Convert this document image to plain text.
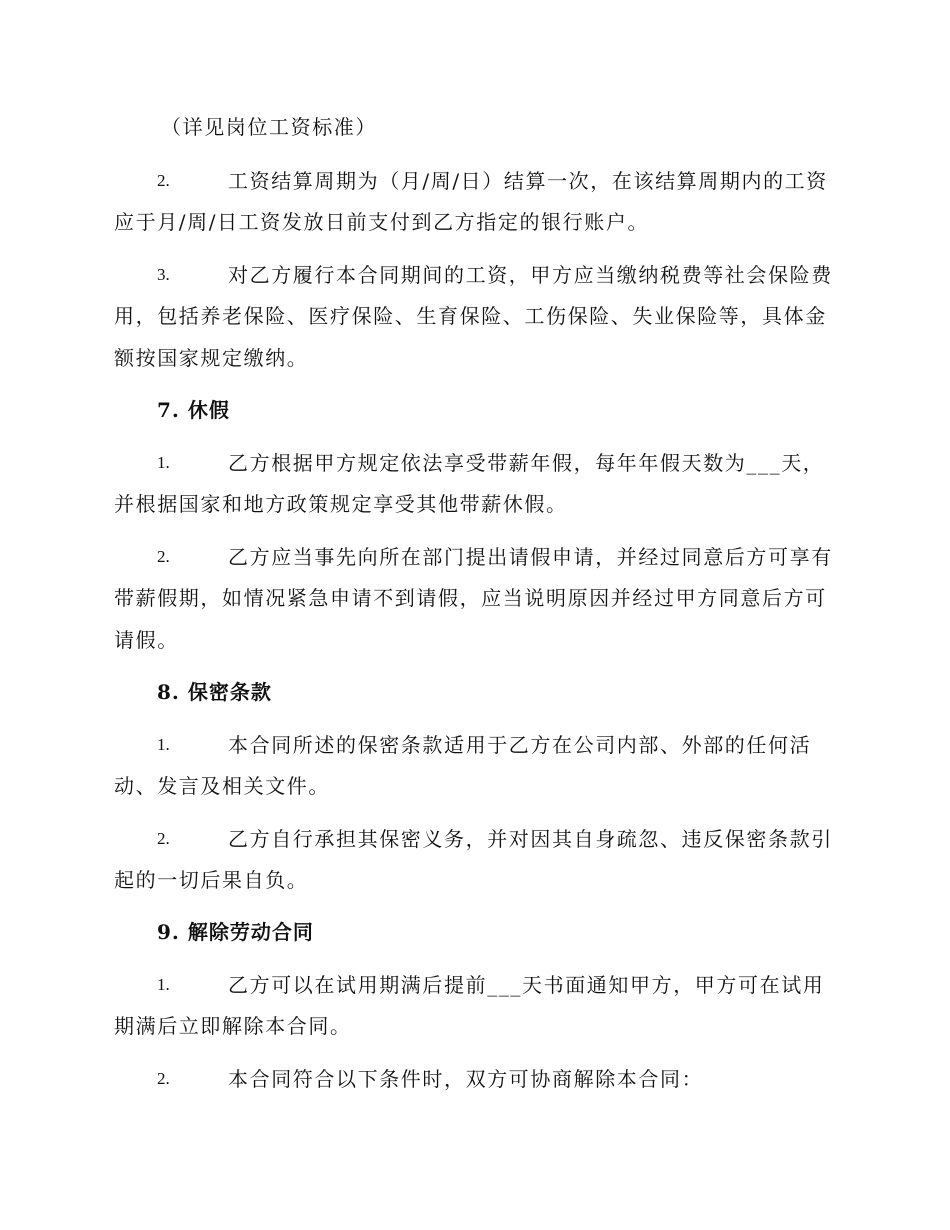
（详见岗位工资标准）
2.	工资结算周期为（月/周/日）结算一次，在该结算周期内的工资
应于月/周/日工资发放日前支付到乙方指定的银行账户。
3.	对乙方履行本合同期间的工资，甲方应当缴纳税费等社会保险费
用，包括养老保险、医疗保险、生育保险、工伤保险、失业保险等，具体金
额按国家规定缴纳。
7. 休假
1.	乙方根据甲方规定依法享受带薪年假，每年年假天数为___天，
并根据国家和地方政策规定享受其他带薪休假。
2.	乙方应当事先向所在部门提出请假申请，并经过同意后方可享有
带薪假期，如情况紧急申请不到请假，应当说明原因并经过甲方同意后方可
请假。
8. 保密条款
1.	本合同所述的保密条款适用于乙方在公司内部、外部的任何活
动、发言及相关文件。
2.	乙方自行承担其保密义务，并对因其自身疏忽、违反保密条款引
起的一切后果自负。
9. 解除劳动合同
1.	乙方可以在试用期满后提前___天书面通知甲方，甲方可在试用
期满后立即解除本合同。
2.	本合同符合以下条件时，双方可协商解除本合同：
